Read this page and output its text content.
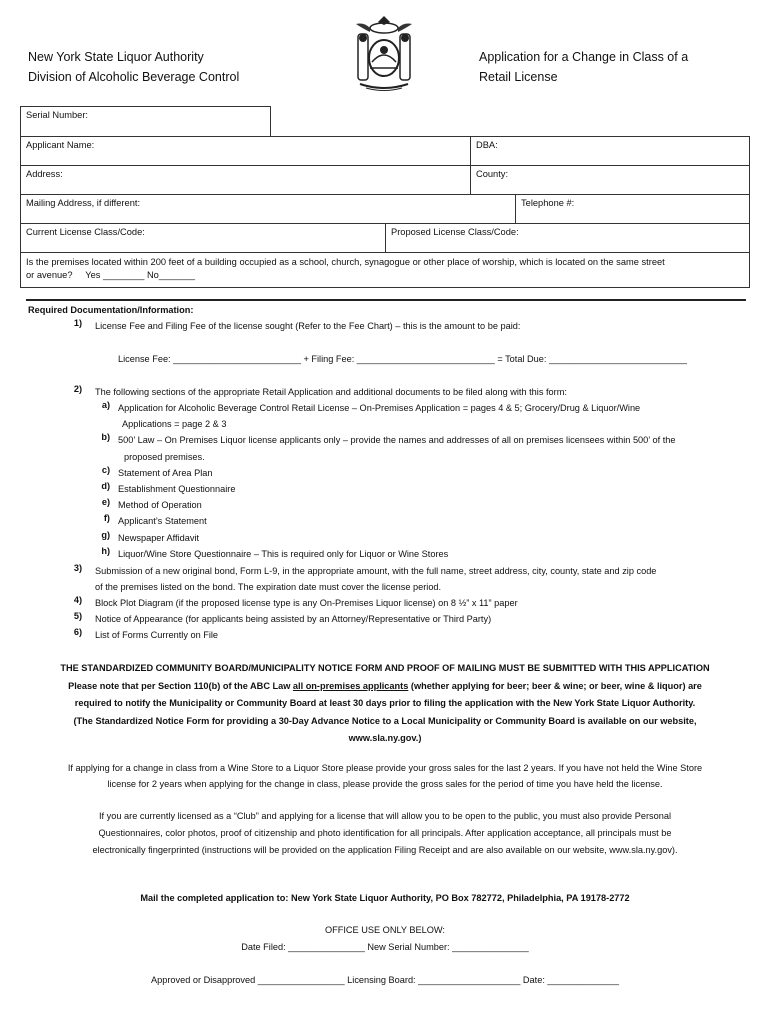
New York State Liquor Authority
Division of Alcoholic Beverage Control
Application for a Change in Class of a
Retail License
Serial Number:
Applicant Name:	DBA:
Address:	County:
Mailing Address, if different:	Telephone #:
Current License Class/Code:	Proposed License Class/Code:
Is the premises located within 200 feet of a building occupied as a school, church, synagogue or other place of worship, which is located on the same street
or avenue?     Yes ________ No_______
Required Documentation/Information:
1) License Fee and Filing Fee of the license sought (Refer to the Fee Chart) – this is the amount to be paid:
License Fee: _________________________ + Filing Fee: ___________________________ = Total Due: ___________________________
2) The following sections of the appropriate Retail Application and additional documents to be filed along with this form:
a) Application for Alcoholic Beverage Control Retail License – On-Premises Application = pages 4 & 5; Grocery/Drug & Liquor/Wine
Applications = page 2 & 3
b) 500’ Law – On Premises Liquor license applicants only – provide the names and addresses of all on premises licensees within 500’ of the
proposed premises.
c) Statement of Area Plan
d) Establishment Questionnaire
e) Method of Operation
f) Applicant’s Statement
g) Newspaper Affidavit
h) Liquor/Wine Store Questionnaire – This is required only for Liquor or Wine Stores
3) Submission of a new original bond, Form L-9, in the appropriate amount, with the full name, street address, city, county, state and zip code
of the premises listed on the bond. The expiration date must cover the license period.
4) Block Plot Diagram (if the proposed license type is any On-Premises Liquor license) on 8 ½” x 11” paper
5) Notice of Appearance (for applicants being assisted by an Attorney/Representative or Third Party)
6) List of Forms Currently on File
THE STANDARDIZED COMMUNITY BOARD/MUNICIPALITY NOTICE FORM AND PROOF OF MAILING MUST BE SUBMITTED WITH THIS APPLICATION
Please note that per Section 110(b) of the ABC Law all on-premises applicants (whether applying for beer; beer & wine; or beer, wine & liquor) are
required to notify the Municipality or Community Board at least 30 days prior to filing the application with the New York State Liquor Authority.
(The Standardized Notice Form for providing a 30-Day Advance Notice to a Local Municipality or Community Board is available on our website,
www.sla.ny.gov.)
If applying for a change in class from a Wine Store to a Liquor Store please provide your gross sales for the last 2 years. If you have not held the Wine Store
license for 2 years when applying for the change in class, please provide the gross sales for the period of time you have held the license.
If you are currently licensed as a “Club” and applying for a license that will allow you to be open to the public, you must also provide Personal
Questionnaires, color photos, proof of citizenship and photo identification for all principals. After application acceptance, all principals must be
electronically fingerprinted (instructions will be provided on the application Filing Receipt and are also available on our website, www.sla.ny.gov).
Mail the completed application to: New York State Liquor Authority, PO Box 782772, Philadelphia, PA 19178-2772
OFFICE USE ONLY BELOW:
Date Filed: _______________ New Serial Number: _______________
Approved or Disapproved _________________ Licensing Board: ____________________ Date: ______________
